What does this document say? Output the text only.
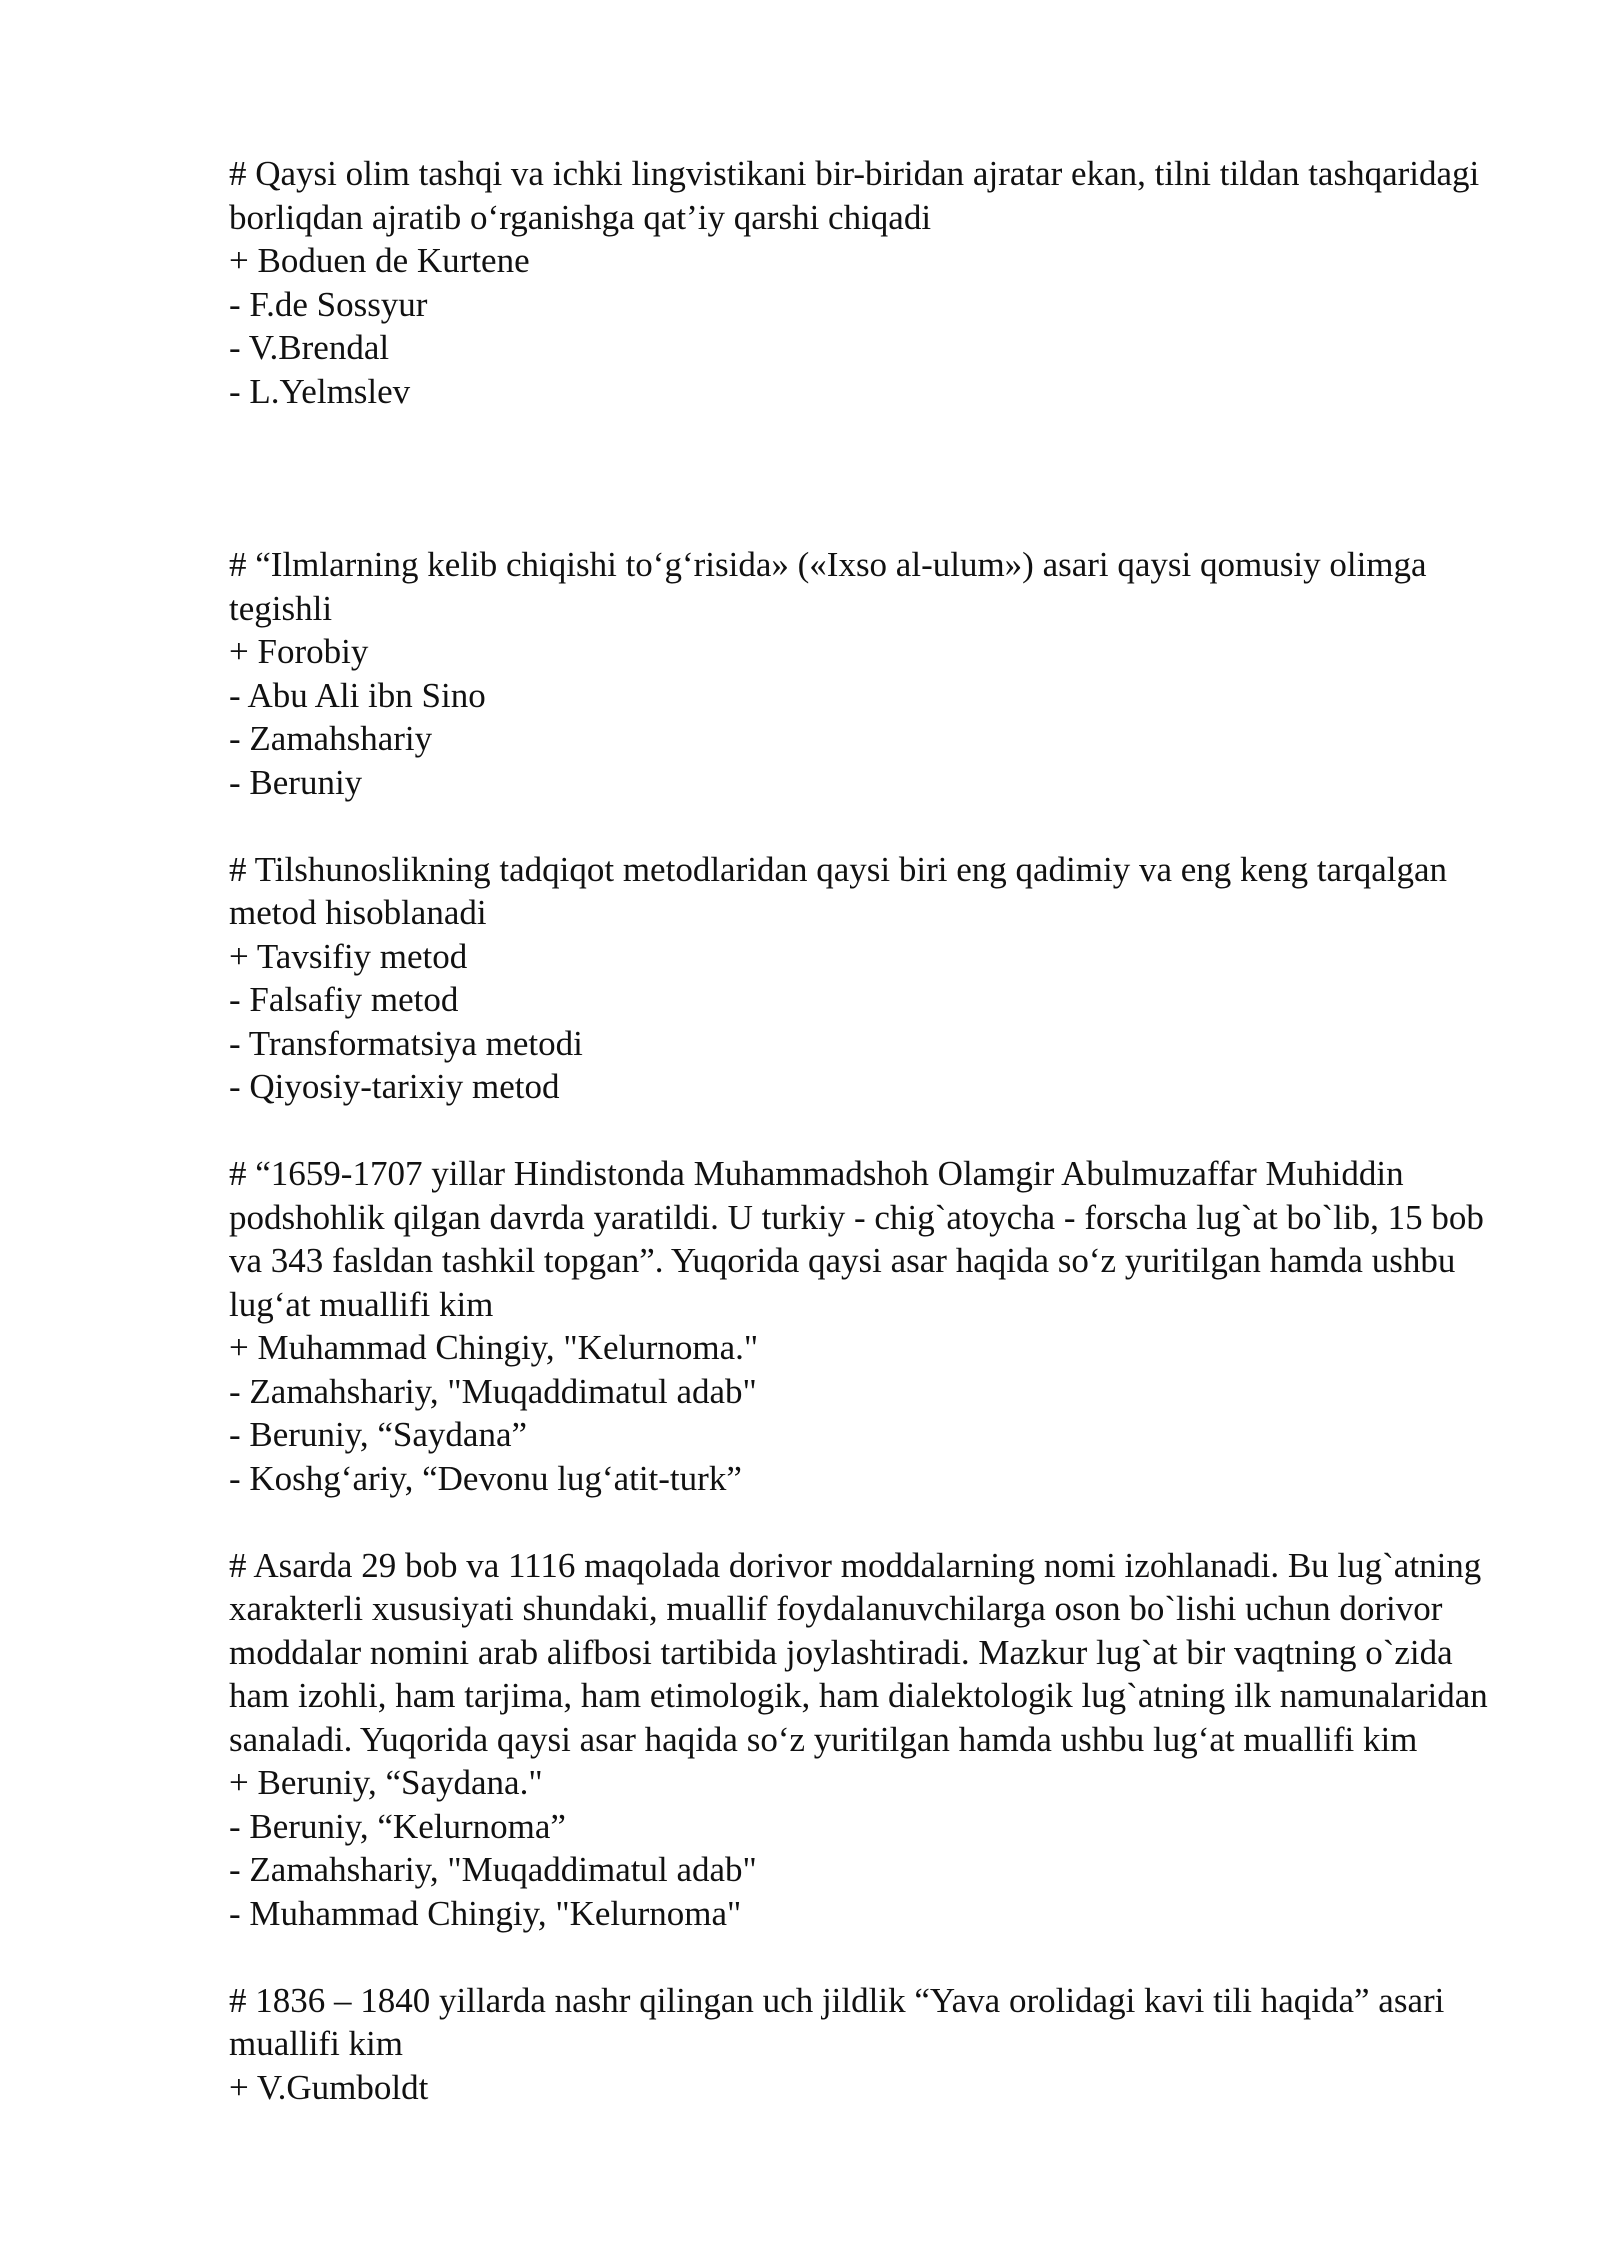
# Qaysi olim tashqi va ichki lingvistikani bir-biridan ajratar ekan, tilni tildan tashqaridagi borliqdan ajratib o‘rganishga qat’iy qarshi chiqadi

+ Boduen de Kurtene

- F.de Sossyur

- V.Brendal

- L.Yelmslev

# “Ilmlarning kelib chiqishi to‘g‘risida» («Ixso al-ulum») asari qaysi qomusiy olimga tegishli

+ Forobiy

- Abu Ali ibn Sino

- Zamahshariy

- Beruniy

# Tilshunoslikning tadqiqot metodlaridan qaysi biri eng qadimiy va eng keng tarqalgan metod hisoblanadi

+ Tavsifiy metod

- Falsafiy metod

- Transformatsiya metodi

- Qiyosiy-tarixiy metod

# “1659-1707 yillar Hindistonda Muhammadshoh Olamgir Abulmuzaffar Muhiddin podshohlik qilgan davrda yaratildi. U turkiy - chig`atoycha - forscha lug`at bo`lib, 15 bob va 343 fasldan tashkil topgan”. Yuqorida qaysi asar haqida so‘z yuritilgan hamda ushbu lug‘at muallifi kim

+ Muhammad Chingiy, "Kelurnoma."

- Zamahshariy, "Muqaddimatul adab"

- Beruniy, “Saydana”

- Koshg‘ariy, “Devonu lug‘atit-turk”

# Asarda 29 bob va 1116 maqolada dorivor moddalarning nomi izohlanadi. Bu lug`atning xarakterli xususiyati shundaki, muallif foydalanuvchilarga oson bo`lishi uchun dorivor moddalar nomini arab alifbosi tartibida joylashtiradi. Mazkur lug`at bir vaqtning o`zida ham izohli, ham tarjima, ham etimologik, ham dialektologik lug`atning ilk namunalaridan sanaladi. Yuqorida qaysi asar haqida so‘z yuritilgan hamda ushbu lug‘at muallifi kim

+ Beruniy, “Saydana."

- Beruniy, “Kelurnoma”

- Zamahshariy, "Muqaddimatul adab"

- Muhammad Chingiy, "Kelurnoma"

# 1836 – 1840 yillarda nashr qilingan uch jildlik “Yava orolidagi kavi tili haqida” asari muallifi kim

+ V.Gumboldt
